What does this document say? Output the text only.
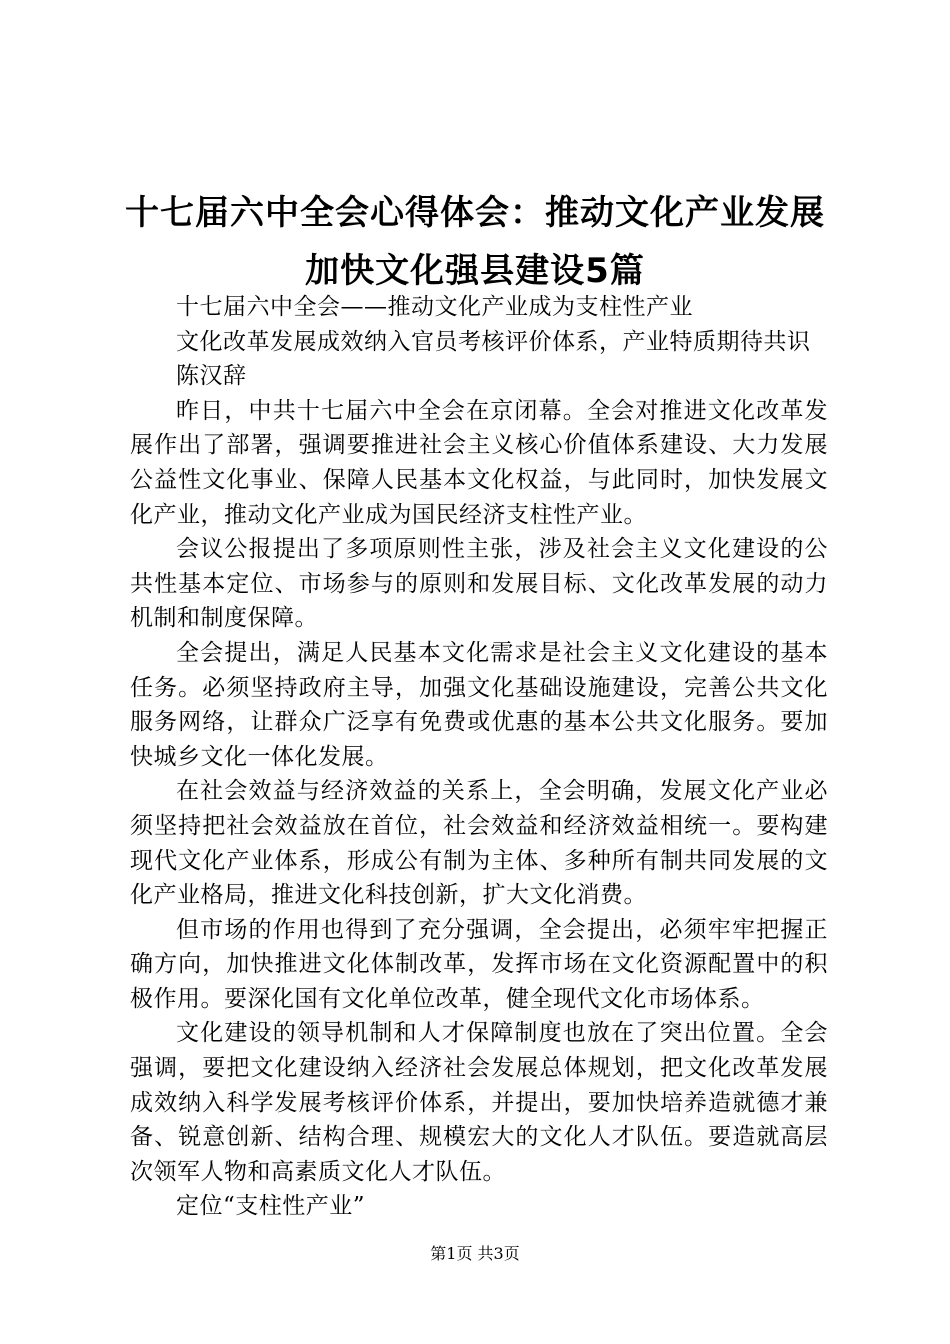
十七届六中全会心得体会：推动文化产业发展
加快文化强县建设5篇

十七届六中全会——推动文化产业成为支柱性产业

文化改革发展成效纳入官员考核评价体系，产业特质期待共识

陈汉辞

昨日，中共十七届六中全会在京闭幕。全会对推进文化改革发展作出了部署，强调要推进社会主义核心价值体系建设、大力发展公益性文化事业、保障人民基本文化权益，与此同时，加快发展文化产业，推动文化产业成为国民经济支柱性产业。

会议公报提出了多项原则性主张，涉及社会主义文化建设的公共性基本定位、市场参与的原则和发展目标、文化改革发展的动力机制和制度保障。

全会提出，满足人民基本文化需求是社会主义文化建设的基本任务。必须坚持政府主导，加强文化基础设施建设，完善公共文化服务网络，让群众广泛享有免费或优惠的基本公共文化服务。要加快城乡文化一体化发展。

在社会效益与经济效益的关系上，全会明确，发展文化产业必须坚持把社会效益放在首位，社会效益和经济效益相统一。要构建现代文化产业体系，形成公有制为主体、多种所有制共同发展的文化产业格局，推进文化科技创新，扩大文化消费。

但市场的作用也得到了充分强调，全会提出，必须牢牢把握正确方向，加快推进文化体制改革，发挥市场在文化资源配置中的积极作用。要深化国有文化单位改革，健全现代文化市场体系。

文化建设的领导机制和人才保障制度也放在了突出位置。全会强调，要把文化建设纳入经济社会发展总体规划，把文化改革发展成效纳入科学发展考核评价体系，并提出，要加快培养造就德才兼备、锐意创新、结构合理、规模宏大的文化人才队伍。要造就高层次领军人物和高素质文化人才队伍。

定位“支柱性产业”

第1页 共3页
